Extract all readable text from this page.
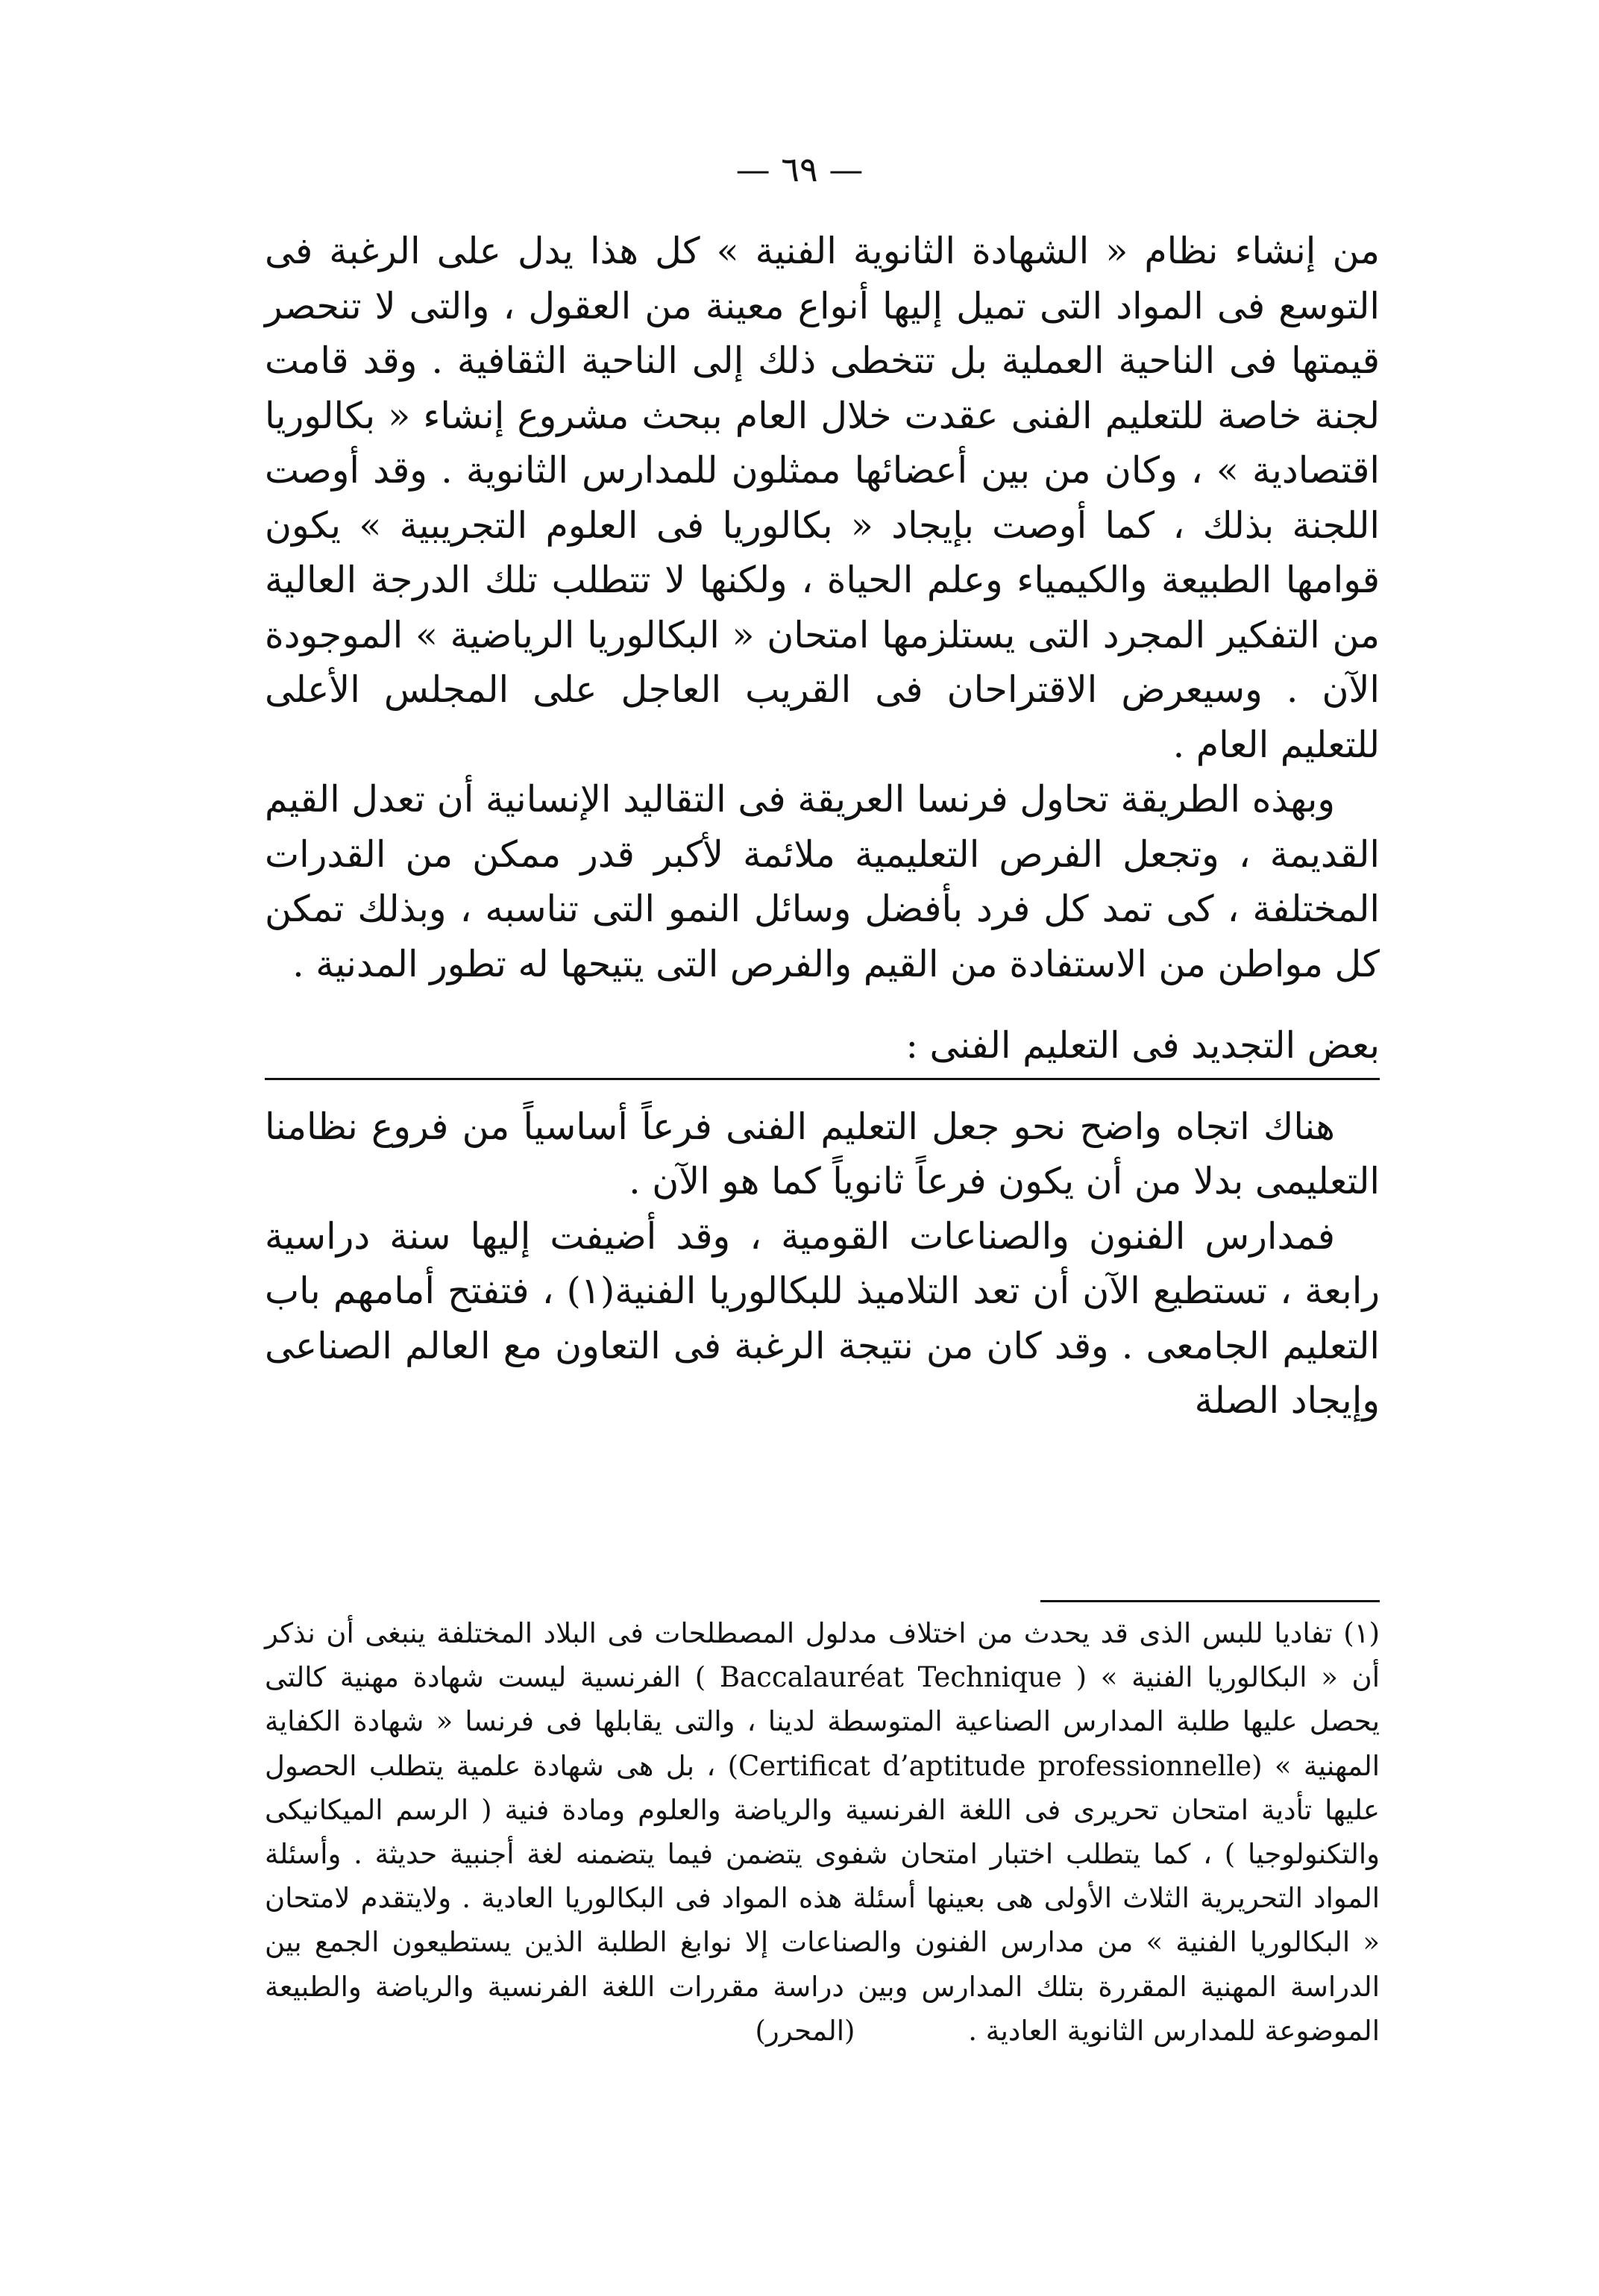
— ٦٩ —

من إنشاء نظام « الشهادة الثانوية الفنية » كل هذا يدل على الرغبة فى التوسع فى المواد التى تميل إليها أنواع معينة من العقول ، والتى لا تنحصر قيمتها فى الناحية العملية بل تتخطى ذلك إلى الناحية الثقافية . وقد قامت لجنة خاصة للتعليم الفنى عقدت خلال العام ببحث مشروع إنشاء « بكالوريا اقتصادية » ، وكان من بين أعضائها ممثلون للمدارس الثانوية . وقد أوصت اللجنة بذلك ، كما أوصت بإيجاد « بكالوريا فى العلوم التجريبية » يكون قوامها الطبيعة والكيمياء وعلم الحياة ، ولكنها لا تتطلب تلك الدرجة العالية من التفكير المجرد التى يستلزمها امتحان « البكالوريا الرياضية » الموجودة الآن . وسيعرض الاقتراحان فى القريب العاجل على المجلس الأعلى للتعليم العام .

وبهذه الطريقة تحاول فرنسا العريقة فى التقاليد الإنسانية أن تعدل القيم القديمة ، وتجعل الفرص التعليمية ملائمة لأكبر قدر ممكن من القدرات المختلفة ، كى تمد كل فرد بأفضل وسائل النمو التى تناسبه ، وبذلك تمكن كل مواطن من الاستفادة من القيم والفرص التى يتيحها له تطور المدنية .

بعض التجديد فى التعليم الفنى :

هناك اتجاه واضح نحو جعل التعليم الفنى فرعاً أساسياً من فروع نظامنا التعليمى بدلا من أن يكون فرعاً ثانوياً كما هو الآن .

فمدارس الفنون والصناعات القومية ، وقد أضيفت إليها سنة دراسية رابعة ، تستطيع الآن أن تعد التلاميذ للبكالوريا الفنية(١) ، فتفتح أمامهم باب التعليم الجامعى . وقد كان من نتيجة الرغبة فى التعاون مع العالم الصناعى وإيجاد الصلة

(١) تفاديا للبس الذى قد يحدث من اختلاف مدلول المصطلحات فى البلاد المختلفة ينبغى أن نذكر أن « البكالوريا الفنية » ( Baccalauréat Technique ) الفرنسية ليست شهادة مهنية كالتى يحصل عليها طلبة المدارس الصناعية المتوسطة لدينا ، والتى يقابلها فى فرنسا « شهادة الكفاية المهنية » (Certificat d’aptitude professionnelle) ، بل هى شهادة علمية يتطلب الحصول عليها تأدية امتحان تحريرى فى اللغة الفرنسية والرياضة والعلوم ومادة فنية ( الرسم الميكانيكى والتكنولوجيا ) ، كما يتطلب اختبار امتحان شفوى يتضمن فيما يتضمنه لغة أجنبية حديثة . وأسئلة المواد التحريرية الثلاث الأولى هى بعينها أسئلة هذه المواد فى البكالوريا العادية . ولايتقدم لامتحان « البكالوريا الفنية » من مدارس الفنون والصناعات إلا نوابغ الطلبة الذين يستطيعون الجمع بين الدراسة المهنية المقررة بتلك المدارس وبين دراسة مقررات اللغة الفرنسية والرياضة والطبيعة الموضوعة للمدارس الثانوية العادية . (المحرر)
